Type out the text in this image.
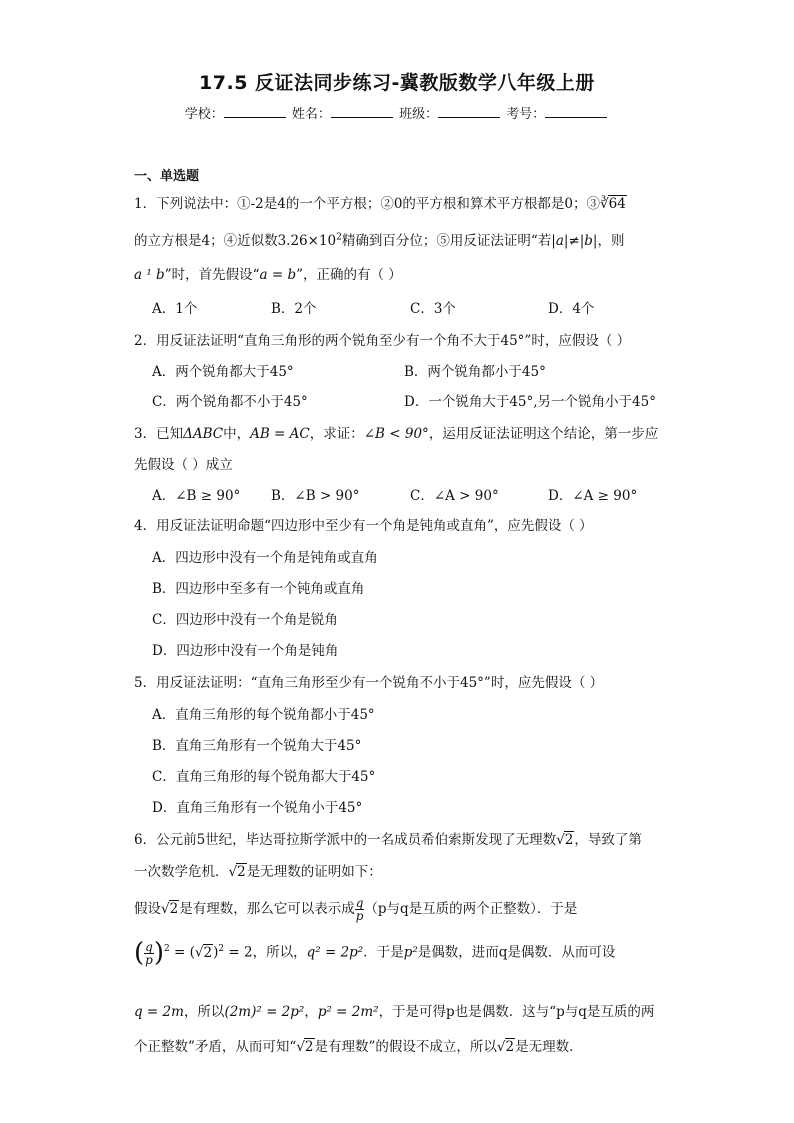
17.5 反证法同步练习-冀教版数学八年级上册
学校：	姓名：	班级：	考号：
一、单选题
1．下列说法中：①-2是4的一个平方根；②0的平方根和算术平方根都是0；③∛64
的立方根是4；④近似数$3.26\times 10^2$精确到百分位；⑤用反证法证明“若|a|≠|b|，则
a ¹ b”时，首先假设“a = b”，正确的有（ ）
A．1个	B．2个	C．3个	D．4个
2．用反证法证明“直角三角形的两个锐角至少有一个角不大于45°”时，应假设（ ）
A．两个锐角都大于45°	B．两个锐角都小于45°
C．两个锐角都不小于45°	D．一个锐角大于45°,另一个锐角小于45°
3．已知ΔABC中，AB = AC，求证：∠B < 90°，运用反证法证明这个结论，第一步应
先假设（ ）成立
A．∠B ≥ 90° B．∠B > 90°	C．∠A > 90°	D．∠A ≥ 90°
4．用反证法证明命题“四边形中至少有一个角是钝角或直角”，应先假设（ ）
A．四边形中没有一个角是钝角或直角
B．四边形中至多有一个钝角或直角
C．四边形中没有一个角是锐角
D．四边形中没有一个角是钝角
5．用反证法证明：“直角三角形至少有一个锐角不小于45°”时，应先假设（ ）
A．直角三角形的每个锐角都小于45°
B．直角三角形有一个锐角大于45°
C．直角三角形的每个锐角都大于45°
D．直角三角形有一个锐角小于45°
6．公元前5世纪，毕达哥拉斯学派中的一名成员希伯索斯发现了无理数√2，导致了第
一次数学危机．√2是无理数的证明如下：
假设√2是有理数，那么它可以表示成 $\frac{q}{p} (p$与q是互质的两个正整数）．于是
( $\frac{q}{p} )^2 = (√2)^2 = 2$，所以，q² = 2p²．于是p²是偶数，进而q是偶数．从而可设
q = 2m，所以(2m)² = 2p²，p² = 2m²，于是可得p也是偶数．这与“p与q是互质的两
个正整数”矛盾，从而可知“√2是有理数”的假设不成立，所以√2是无理数．
